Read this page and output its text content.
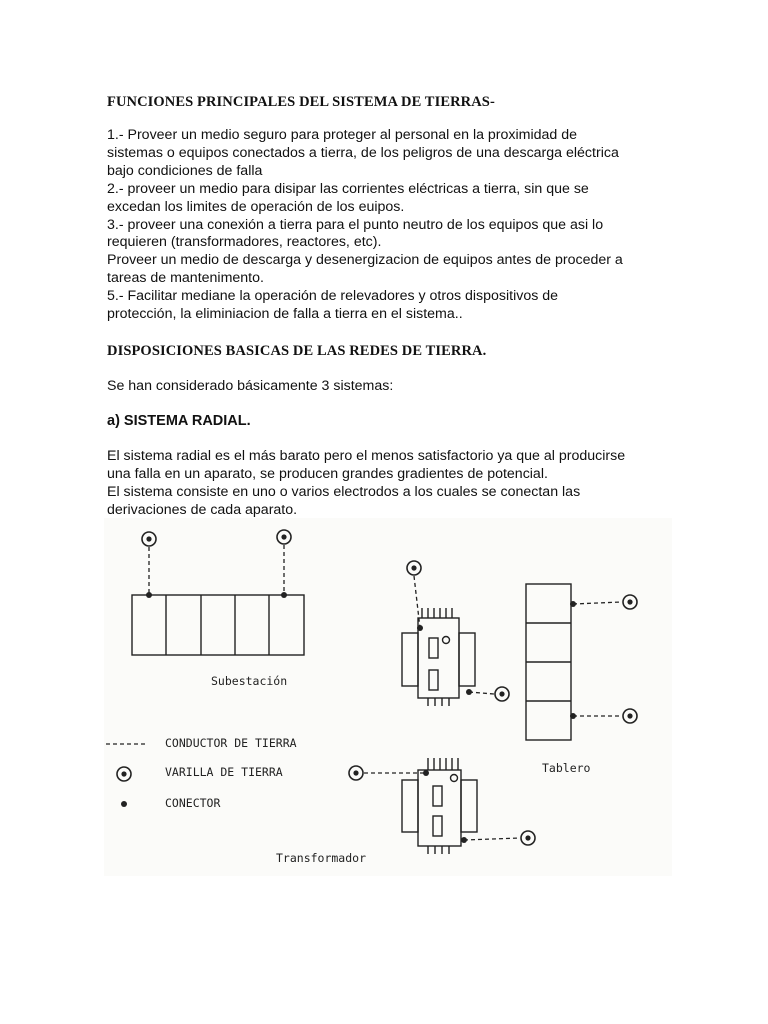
FUNCIONES PRINCIPALES DEL SISTEMA DE TIERRAS-
1.- Proveer un medio seguro para proteger al personal en la proximidad de
sistemas o equipos conectados a tierra, de los peligros de una descarga eléctrica
bajo condiciones de falla
2.- proveer un medio para disipar las corrientes eléctricas a tierra, sin que se
excedan los limites de operación de los euipos.
3.- proveer una conexión a tierra para el punto neutro de los equipos que asi lo
requieren (transformadores, reactores, etc).
Proveer un medio de descarga y desenergizacion de equipos antes de proceder a
tareas de mantenimento.
5.- Facilitar mediane la operación de relevadores y otros dispositivos de
protección, la eliminiacion de falla a tierra en el sistema..
DISPOSICIONES BASICAS DE LAS REDES DE TIERRA.

Se han considerado básicamente 3 sistemas:

a) SISTEMA RADIAL.
El sistema radial es el más barato pero el menos satisfactorio ya que al producirse
una falla en un aparato, se producen grandes gradientes de potencial.
El sistema consiste en uno o varios electrodos a los cuales se conectan las
derivaciones de cada aparato.
Subestación
Tablero
CONDUCTOR DE TIERRA
VARILLA DE TIERRA
CONECTOR
Transformador
